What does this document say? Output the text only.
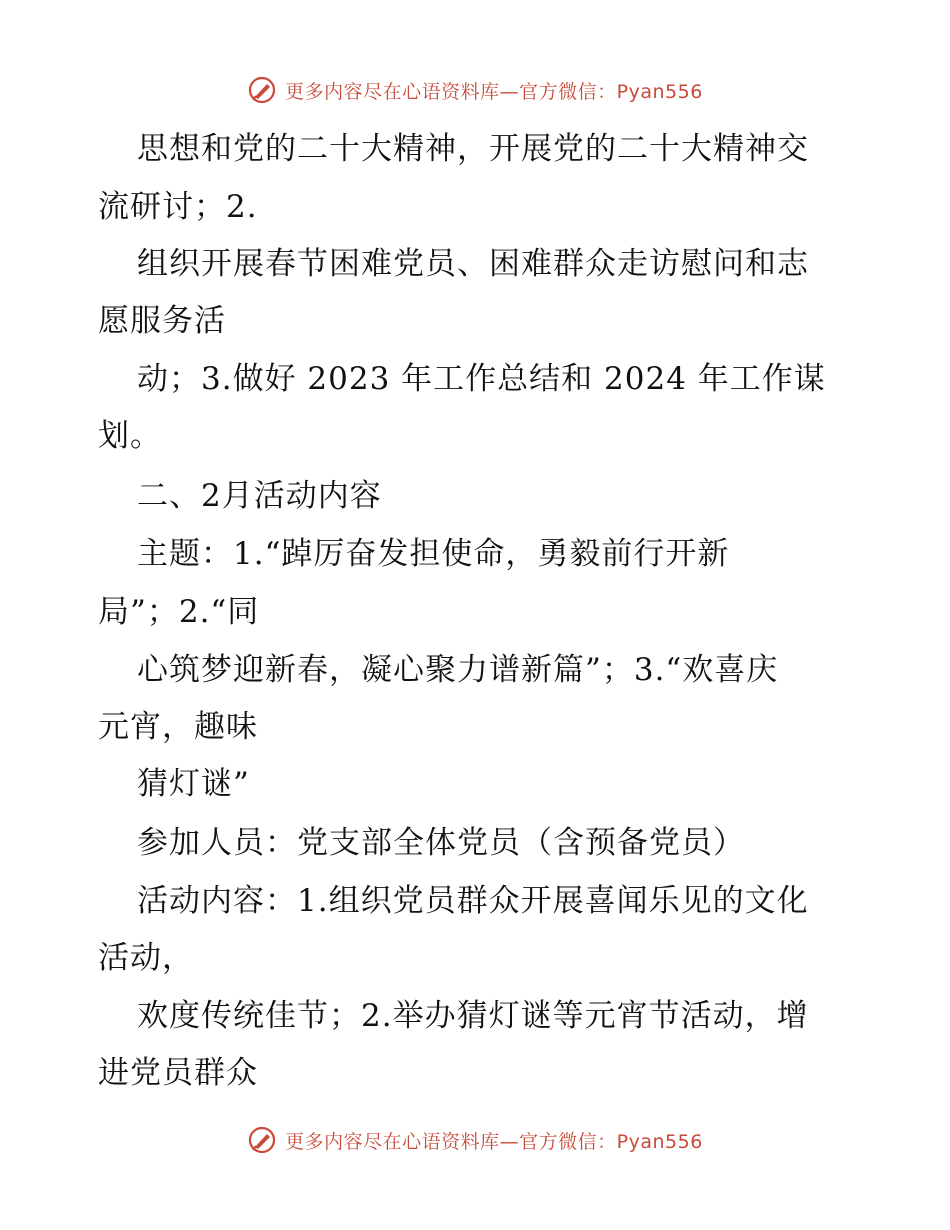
更多内容尽在心语资料库—官方微信：Pyan556
思想和党的二十大精神，开展党的二十大精神交
流研讨；2.
组织开展春节困难党员、困难群众走访慰问和志
愿服务活
动；3.做好 2023 年工作总结和 2024 年工作谋
划。
二、2月活动内容
主题：1.“踔厉奋发担使命，勇毅前行开新
局”；2.“同
心筑梦迎新春，凝心聚力谱新篇”；3.“欢喜庆
元宵，趣味
猜灯谜”
参加人员：党支部全体党员（含预备党员）
活动内容：1.组织党员群众开展喜闻乐见的文化
活动，
欢度传统佳节；2.举办猜灯谜等元宵节活动，增
进党员群众
更多内容尽在心语资料库—官方微信：Pyan556
